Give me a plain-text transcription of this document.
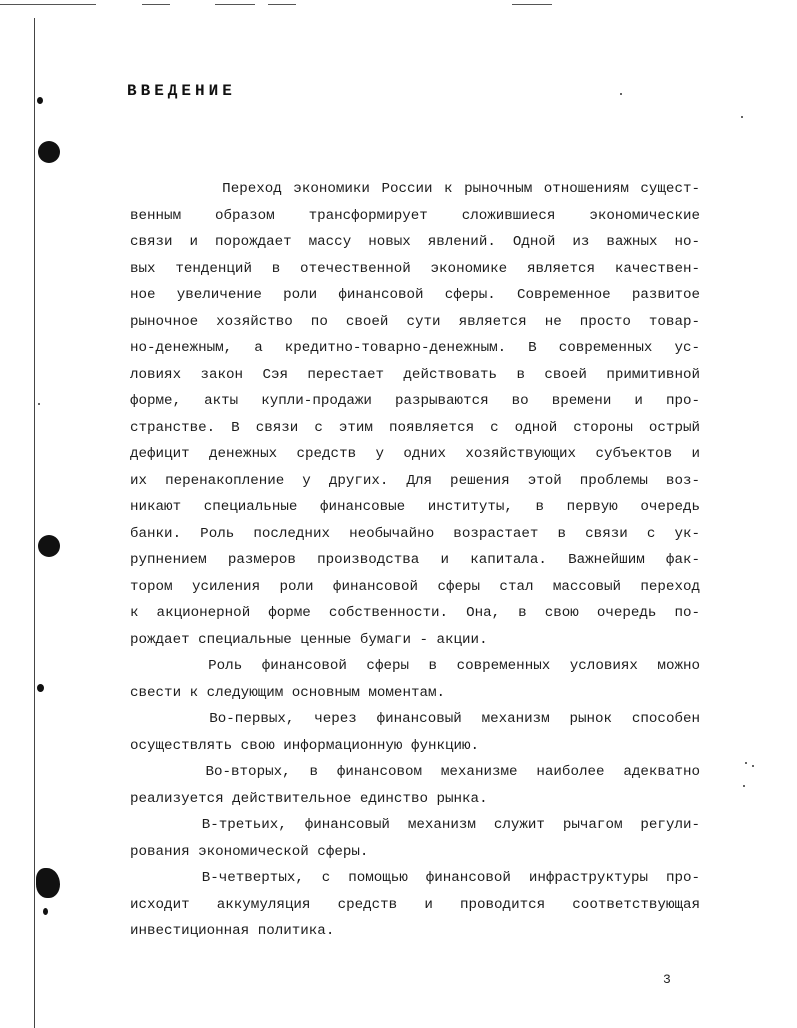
ВВЕДЕНИЕ
Переход экономики России к рыночным отношениям сущест-
венным образом трансформирует сложившиеся экономические
связи и порождает массу новых явлений. Одной из важных но-
вых тенденций в отечественной экономике является качествен-
ное увеличение роли финансовой сферы. Современное развитое
рыночное хозяйство по своей сути является не просто товар-
но-денежным, а кредитно-товарно-денежным. В современных ус-
ловиях закон Сэя перестает действовать в своей примитивной
форме, акты купли-продажи разрываются во времени и про-
странстве. В связи с этим появляется с одной стороны острый
дефицит денежных средств у одних хозяйствующих субъектов и
их перенакопление у других. Для решения этой проблемы воз-
никают специальные финансовые институты, в первую очередь
банки. Роль последних необычайно возрастает в связи с ук-
рупнением размеров производства и капитала. Важнейшим фак-
тором усиления роли финансовой сферы стал массовый переход
к акционерной форме собственности. Она, в свою очередь по-
рождает специальные ценные бумаги - акции.
Роль финансовой сферы в современных условиях можно
свести к следующим основным моментам.
Во-первых, через финансовый механизм рынок способен
осуществлять свою информационную функцию.
Во-вторых, в финансовом механизме наиболее адекватно
реализуется действительное единство рынка.
В-третьих, финансовый механизм служит рычагом регули-
рования экономической сферы.
В-четвертых, с помощью финансовой инфраструктуры про-
исходит аккумуляция средств и проводится соответствующая
инвестиционная политика.
3
